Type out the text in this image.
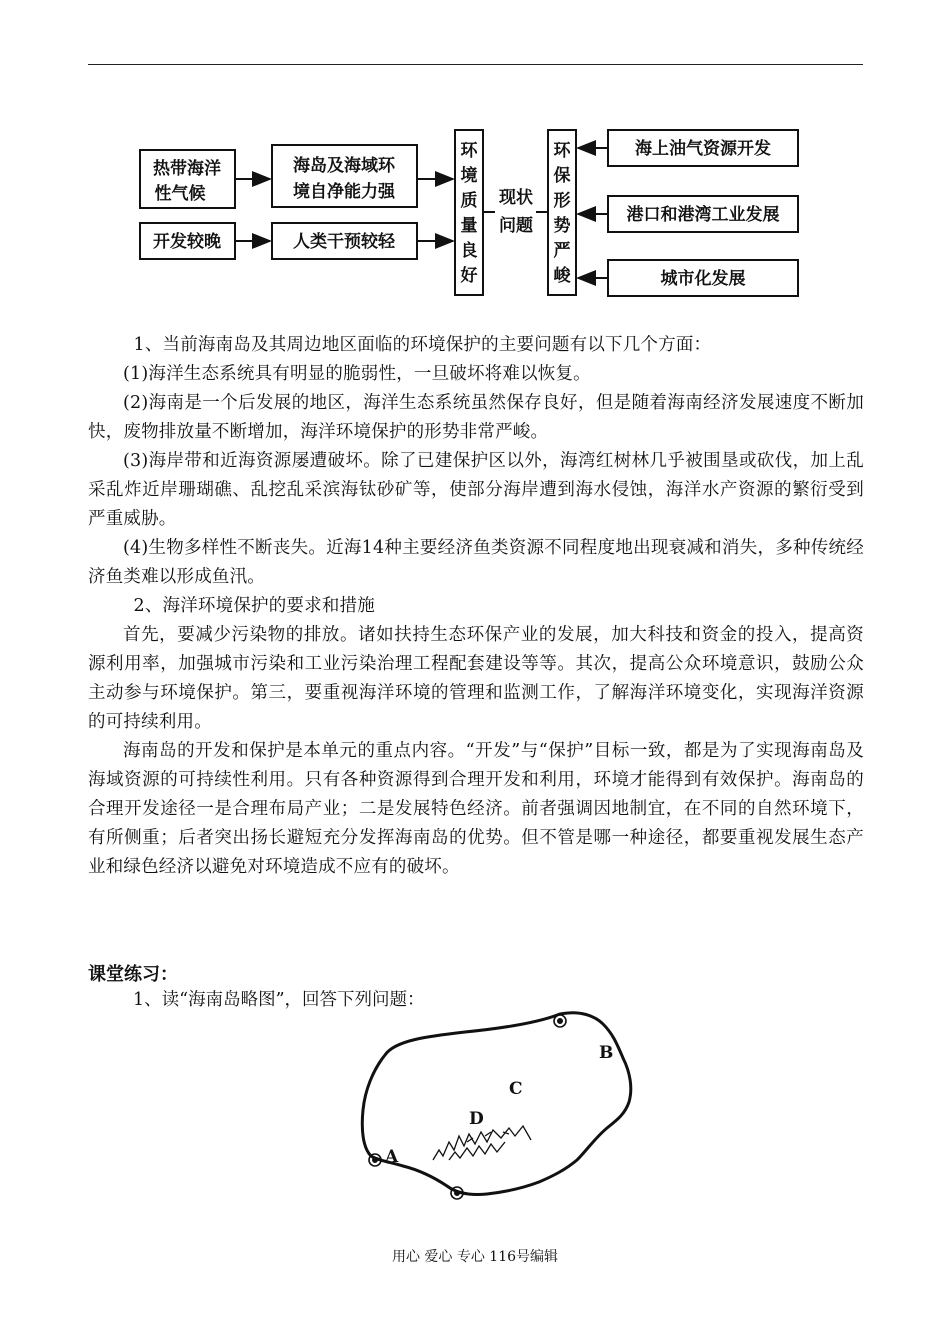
热带海洋
性气候
开发较晚
海岛及海域环
境自净能力强
人类干预较轻
环
境
质
量
良
好
现状
问题
环
保
形
势
严
峻
海上油气资源开发
港口和港湾工业发展
城市化发展

1、当前海南岛及其周边地区面临的环境保护的主要问题有以下几个方面：

(1)海洋生态系统具有明显的脆弱性，一旦破坏将难以恢复。

(2)海南是一个后发展的地区，海洋生态系统虽然保存良好，但是随着海南经济发展速度不断加快，废物排放量不断增加，海洋环境保护的形势非常严峻。

(3)海岸带和近海资源屡遭破坏。除了已建保护区以外，海湾红树林几乎被围垦或砍伐，加上乱采乱炸近岸珊瑚礁、乱挖乱采滨海钛砂矿等，使部分海岸遭到海水侵蚀，海洋水产资源的繁衍受到严重威胁。

(4)生物多样性不断丧失。近海14种主要经济鱼类资源不同程度地出现衰减和消失，多种传统经济鱼类难以形成鱼汛。

2、海洋环境保护的要求和措施

首先，要减少污染物的排放。诸如扶持生态环保产业的发展，加大科技和资金的投入，提高资源利用率，加强城市污染和工业污染治理工程配套建设等等。其次，提高公众环境意识，鼓励公众主动参与环境保护。第三，要重视海洋环境的管理和监测工作，了解海洋环境变化，实现海洋资源的可持续利用。

海南岛的开发和保护是本单元的重点内容。“开发”与“保护”目标一致，都是为了实现海南岛及海域资源的可持续性利用。只有各种资源得到合理开发和利用，环境才能得到有效保护。海南岛的合理开发途径一是合理布局产业；二是发展特色经济。前者强调因地制宜，在不同的自然环境下，有所侧重；后者突出扬长避短充分发挥海南岛的优势。但不管是哪一种途径，都要重视发展生态产业和绿色经济以避免对环境造成不应有的破坏。

课堂练习：
1、读“海南岛略图”，回答下列问题：
A
B
C
D
用心 爱心 专心 116号编辑
